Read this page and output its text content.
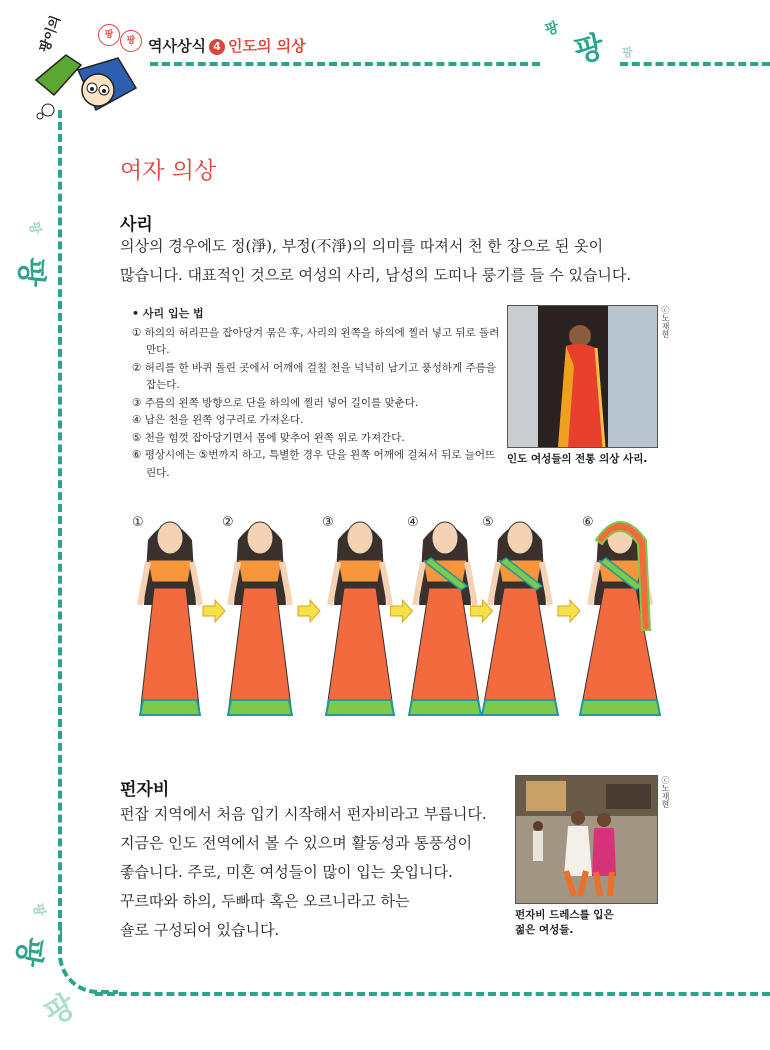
팡
팡
팡
팡
팡
팡
팡
팡
팡이의	팡
팡 역사상식 4 인도의 의상
여자 의상
사리
의상의 경우에도 정(淨), 부정(不淨)의 의미를 따져서 천 한 장으로 된 옷이
많습니다. 대표적인 것으로 여성의 사리, 남성의 도띠나 룽기를 들 수 있습니다.
• 사리 입는 법
① 하의의 허리끈을 잡아당겨 묶은 후, 사리의 왼쪽을 하의에 찔러 넣고 뒤로 돌려 만다.
② 허리를 한 바퀴 돌린 곳에서 어깨에 걸칠 천을 넉넉히 남기고 풍성하게 주름을 잡는다.
③ 주름의 왼쪽 방향으로 단을 하의에 찔러 넣어 길이를 맞춘다.
④ 남은 천을 왼쪽 엉구리로 가져온다.
⑤ 천을 힘껏 잡아당기면서 몸에 맞추어 왼쪽 위로 가져간다.
⑥ 평상시에는 ⑤번까지 하고, 특별한 경우 단을 왼쪽 어깨에 걸쳐서 뒤로 늘어뜨린다.
ⓒ노재현
인도 여성들의 전통 의상 사리.
①	②	③	④	⑤	⑥
펀자비
펀잡 지역에서 처음 입기 시작해서 펀자비라고 부릅니다.
지금은 인도 전역에서 볼 수 있으며 활동성과 통풍성이
좋습니다. 주로, 미혼 여성들이 많이 입는 옷입니다.
꾸르따와 하의, 두빠따 혹은 오르니라고 하는
숄로 구성되어 있습니다.
ⓒ노재현
펀자비 드레스를 입은
젊은 여성들.
